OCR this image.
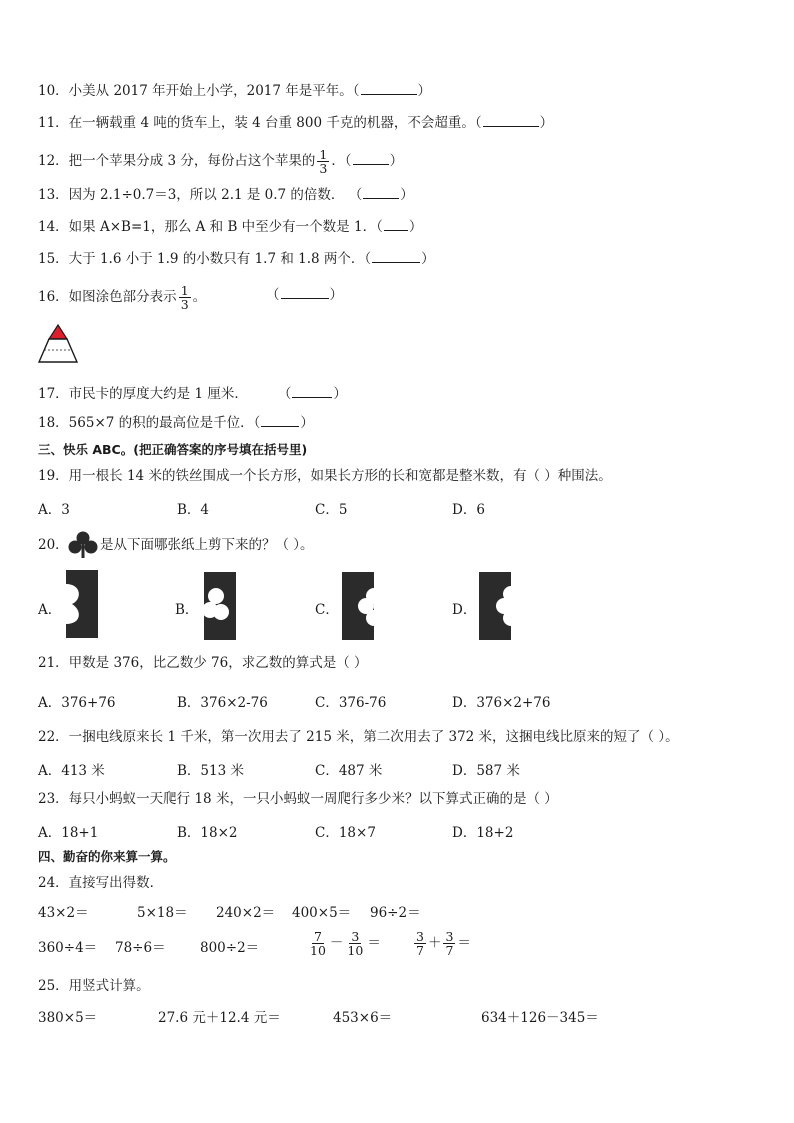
10．小美从 2017 年开始上小学，2017 年是平年。（	）
11．在一辆载重 4 吨的货车上，装 4 台重 800 千克的机器，不会超重。（	）
12．把一个苹果分成 3 分，每份占这个苹果的 $\frac{1}{3}$ ．（	）
13．因为 2.1÷0.7＝3，所以 2.1 是 0.7 的倍数． （	）
14．如果 A×B=1，那么 A 和 B 中至少有一个数是 1．（ ）
15．大于 1.6 小于 1.9 的小数只有 1.7 和 1.8 两个．（	）
16．如图涂色部分表示 $\frac{1}{3}$ 。	（	）
17．市民卡的厚度大约是 1 厘米． （	）
18．565×7 的积的最高位是千位．（	）
三、快乐 ABC。(把正确答案的序号填在括号里)
19．用一根长 14 米的铁丝围成一个长方形，如果长方形的长和宽都是整米数，有（ ）种围法。
A．3	B．4	C．5	D．6
20． 是从下面哪张纸上剪下来的？（ ）。
A．	B．	C．	D．
21．甲数是 376，比乙数少 76，求乙数的算式是（ ）
A．376+76	B．376×2-76	C．376-76	D．376×2+76
22．一捆电线原来长 1 千米，第一次用去了 215 米，第二次用去了 372 米，这捆电线比原来的短了（ ）。
A．413 米	B．513 米	C．487 米	D．587 米
23．每只小蚂蚁一天爬行 18 米，一只小蚂蚁一周爬行多少米？以下算式正确的是（ ）
A．18+1	B．18×2	C．18×7	D．18+2
四、勤奋的你来算一算。
24．直接写出得数．
43×2＝	5×18＝ 240×2＝ 400×5＝ 96÷2＝
360÷4＝ 78÷6＝	800÷2＝	$\frac{7}{10} - \frac{3}{10}$ ＝	$\frac{3}{7} + \frac{3}{7}$ ＝
25．用竖式计算。
380×5＝	27.6 元＋12.4 元＝	453×6＝	634＋126－345＝
